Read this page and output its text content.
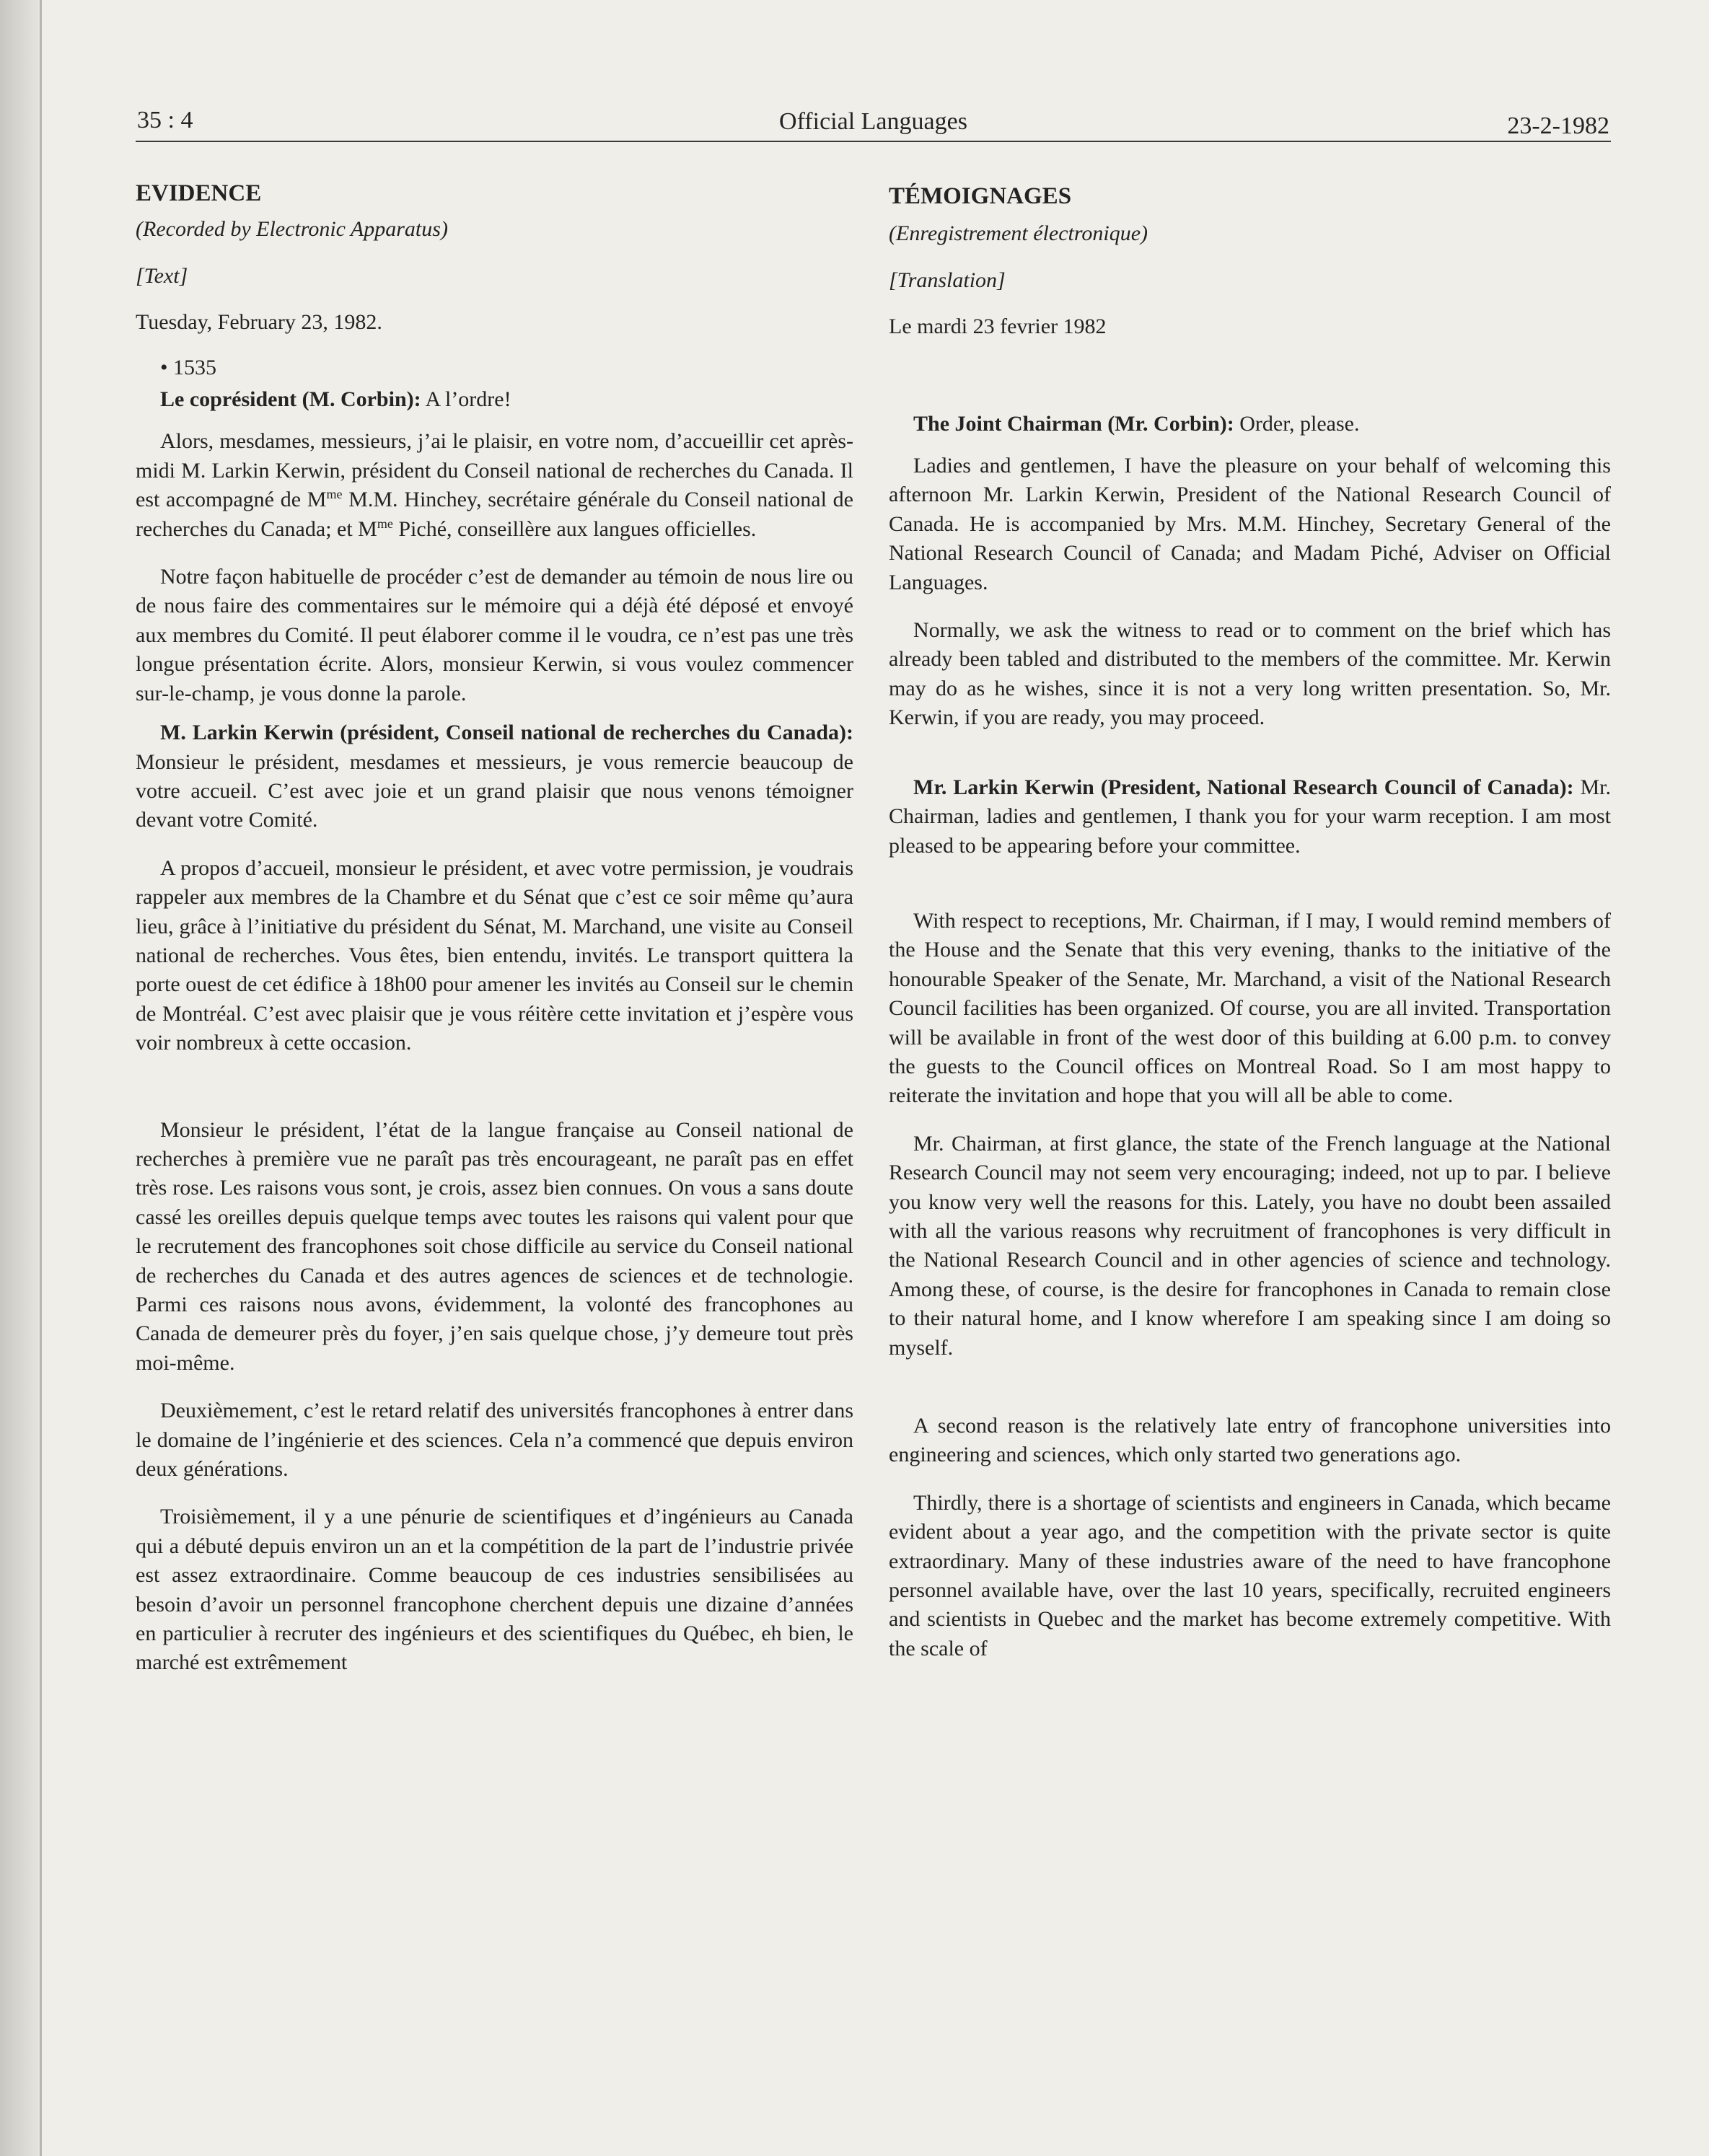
35 : 4	Official Languages	23-2-1982
EVIDENCE

(Recorded by Electronic Apparatus)

[Text]

Tuesday, February 23, 1982.

• 1535

Le coprésident (M. Corbin): A l’ordre!

Alors, mesdames, messieurs, j’ai le plaisir, en votre nom, d’accueillir cet après-midi M. Larkin Kerwin, président du Conseil national de recherches du Canada. Il est accompagné de $M^{me}$ M.M. Hinchey, secrétaire générale du Conseil national de recherches du Canada; et $M^{me}$ Piché, conseillère aux langues officielles.

Notre façon habituelle de procéder c’est de demander au témoin de nous lire ou de nous faire des commentaires sur le mémoire qui a déjà été déposé et envoyé aux membres du Comité. Il peut élaborer comme il le voudra, ce n’est pas une très longue présentation écrite. Alors, monsieur Kerwin, si vous voulez commencer sur-le-champ, je vous donne la parole.

M. Larkin Kerwin (président, Conseil national de recherches du Canada): Monsieur le président, mesdames et messieurs, je vous remercie beaucoup de votre accueil. C’est avec joie et un grand plaisir que nous venons témoigner devant votre Comité.

A propos d’accueil, monsieur le président, et avec votre permission, je voudrais rappeler aux membres de la Chambre et du Sénat que c’est ce soir même qu’aura lieu, grâce à l’initiative du président du Sénat, M. Marchand, une visite au Conseil national de recherches. Vous êtes, bien entendu, invités. Le transport quittera la porte ouest de cet édifice à 18h00 pour amener les invités au Conseil sur le chemin de Montréal. C’est avec plaisir que je vous réitère cette invitation et j’espère vous voir nombreux à cette occasion.

Monsieur le président, l’état de la langue française au Conseil national de recherches à première vue ne paraît pas très encourageant, ne paraît pas en effet très rose. Les raisons vous sont, je crois, assez bien connues. On vous a sans doute cassé les oreilles depuis quelque temps avec toutes les raisons qui valent pour que le recrutement des francophones soit chose difficile au service du Conseil national de recherches du Canada et des autres agences de sciences et de technologie. Parmi ces raisons nous avons, évidemment, la volonté des francophones au Canada de demeurer près du foyer, j’en sais quelque chose, j’y demeure tout près moi-même.

Deuxièmement, c’est le retard relatif des universités francophones à entrer dans le domaine de l’ingénierie et des sciences. Cela n’a commencé que depuis environ deux générations.

Troisièmement, il y a une pénurie de scientifiques et d’ingénieurs au Canada qui a débuté depuis environ un an et la compétition de la part de l’industrie privée est assez extraordinaire. Comme beaucoup de ces industries sensibilisées au besoin d’avoir un personnel francophone cherchent depuis une dizaine d’années en particulier à recruter des ingénieurs et des scientifiques du Québec, eh bien, le marché est extrêmement

TÉMOIGNAGES

(Enregistrement électronique)

[Translation]

Le mardi 23 fevrier 1982

The Joint Chairman (Mr. Corbin): Order, please.

Ladies and gentlemen, I have the pleasure on your behalf of welcoming this afternoon Mr. Larkin Kerwin, President of the National Research Council of Canada. He is accompanied by Mrs. M.M. Hinchey, Secretary General of the National Research Council of Canada; and Madam Piché, Adviser on Official Languages.

Normally, we ask the witness to read or to comment on the brief which has already been tabled and distributed to the members of the committee. Mr. Kerwin may do as he wishes, since it is not a very long written presentation. So, Mr. Kerwin, if you are ready, you may proceed.

Mr. Larkin Kerwin (President, National Research Council of Canada): Mr. Chairman, ladies and gentlemen, I thank you for your warm reception. I am most pleased to be appearing before your committee.

With respect to receptions, Mr. Chairman, if I may, I would remind members of the House and the Senate that this very evening, thanks to the initiative of the honourable Speaker of the Senate, Mr. Marchand, a visit of the National Research Council facilities has been organized. Of course, you are all invited. Transportation will be available in front of the west door of this building at 6.00 p.m. to convey the guests to the Council offices on Montreal Road. So I am most happy to reiterate the invitation and hope that you will all be able to come.

Mr. Chairman, at first glance, the state of the French language at the National Research Council may not seem very encouraging; indeed, not up to par. I believe you know very well the reasons for this. Lately, you have no doubt been assailed with all the various reasons why recruitment of francophones is very difficult in the National Research Council and in other agencies of science and technology. Among these, of course, is the desire for francophones in Canada to remain close to their natural home, and I know wherefore I am speaking since I am doing so myself.

A second reason is the relatively late entry of francophone universities into engineering and sciences, which only started two generations ago.

Thirdly, there is a shortage of scientists and engineers in Canada, which became evident about a year ago, and the competition with the private sector is quite extraordinary. Many of these industries aware of the need to have francophone personnel available have, over the last 10 years, specifically, recruited engineers and scientists in Quebec and the market has become extremely competitive. With the scale of
